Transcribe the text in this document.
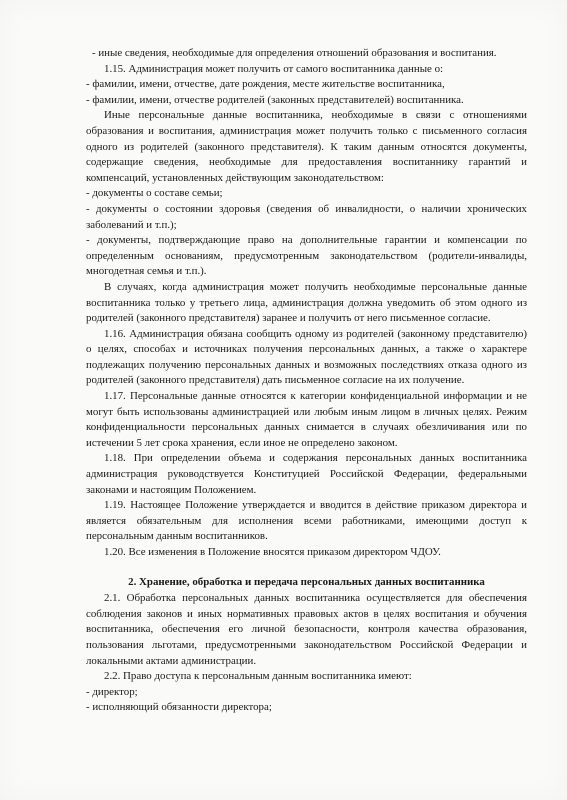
- иные сведения, необходимые для определения отношений образования и воспитания.

1.15. Администрация может получить от самого воспитанника данные о:

- фамилии, имени, отчестве, дате рождения, месте жительстве воспитанника,

- фамилии, имени, отчестве родителей (законных представителей) воспитанника.

Иные персональные данные воспитанника, необходимые в связи с отношениями образования и воспитания, администрация может получить только с письменного согласия одного из родителей (законного представителя). К таким данным относятся документы, содержащие сведения, необходимые для предоставления воспитаннику гарантий и компенсаций, установленных действующим законодательством:

- документы о составе семьи;

- документы о состоянии здоровья (сведения об инвалидности, о наличии хронических заболеваний и т.п.);

- документы, подтверждающие право на дополнительные гарантии и компенсации по определенным основаниям, предусмотренным законодательством (родители-инвалиды, многодетная семья и т.п.).

В случаях, когда администрация может получить необходимые персональные данные воспитанника только у третьего лица, администрация должна уведомить об этом одного из родителей (законного представителя) заранее и получить от него письменное согласие.

1.16. Администрация обязана сообщить одному из родителей (законному представителю) о целях, способах и источниках получения персональных данных, а также о характере подлежащих получению персональных данных и возможных последствиях отказа одного из родителей (законного представителя) дать письменное согласие на их получение.

1.17. Персональные данные относятся к категории конфиденциальной информации и не могут быть использованы администрацией или любым иным лицом в личных целях. Режим конфиденциальности персональных данных снимается в случаях обезличивания или по истечении 5 лет срока хранения, если иное не определено законом.

1.18. При определении объема и содержания персональных данных воспитанника администрация руководствуется Конституцией Российской Федерации, федеральными законами и настоящим Положением.

1.19. Настоящее Положение утверждается и вводится в действие приказом директора и является обязательным для исполнения всеми работниками, имеющими доступ к персональным данным воспитанников.

1.20. Все изменения в Положение вносятся приказом директором ЧДОУ.

2. Хранение, обработка и передача персональных данных воспитанника

2.1. Обработка персональных данных воспитанника осуществляется для обеспечения соблюдения законов и иных нормативных правовых актов в целях воспитания и обучения воспитанника, обеспечения его личной безопасности, контроля качества образования, пользования льготами, предусмотренными законодательством Российской Федерации и локальными актами администрации.

2.2. Право доступа к персональным данным воспитанника имеют:

- директор;

- исполняющий обязанности директора;
